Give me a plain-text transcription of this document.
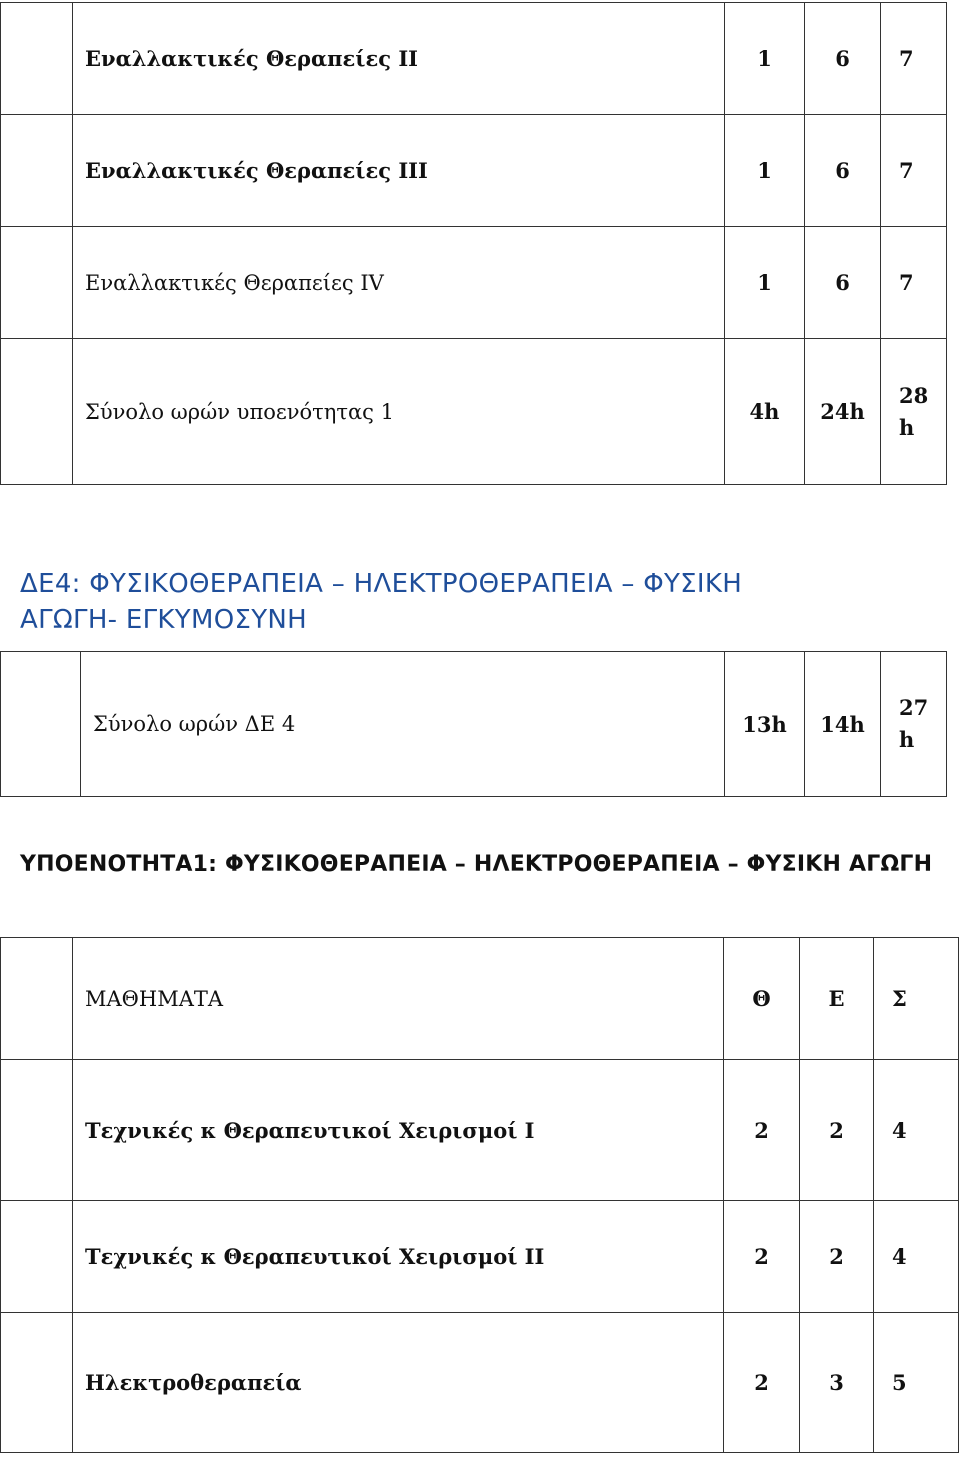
	Εναλλακτικές Θεραπείες ΙΙ	1	6	7
	Εναλλακτικές Θεραπείες ΙΙΙ	1	6	7
	Εναλλακτικές Θεραπείες IV	1	6	7
	Σύνολο ωρών υποενότητας 1	4h	24h	28
h
ΔΕ4: ΦΥΣΙΚΟΘΕΡΑΠΕΙΑ – ΗΛΕΚΤΡΟΘΕΡΑΠΕΙΑ – ΦΥΣΙΚΗ
ΑΓΩΓΗ- ΕΓΚΥΜΟΣΥΝΗ
	Σύνολο ωρών ΔΕ 4	13h	14h	
27
h
ΥΠΟΕΝΟΤΗΤΑ1: ΦΥΣΙΚΟΘΕΡΑΠΕΙΑ – ΗΛΕΚΤΡΟΘΕΡΑΠΕΙΑ – ΦΥΣΙΚΗ ΑΓΩΓΗ
	ΜΑΘΗΜΑΤΑ	Θ	Ε	Σ
	Τεχνικές κ Θεραπευτικοί Χειρισμοί Ι	2	2	4
	Τεχνικές κ Θεραπευτικοί Χειρισμοί ΙΙ	2	2	4
	Ηλεκτροθεραπεία	2	3	5
